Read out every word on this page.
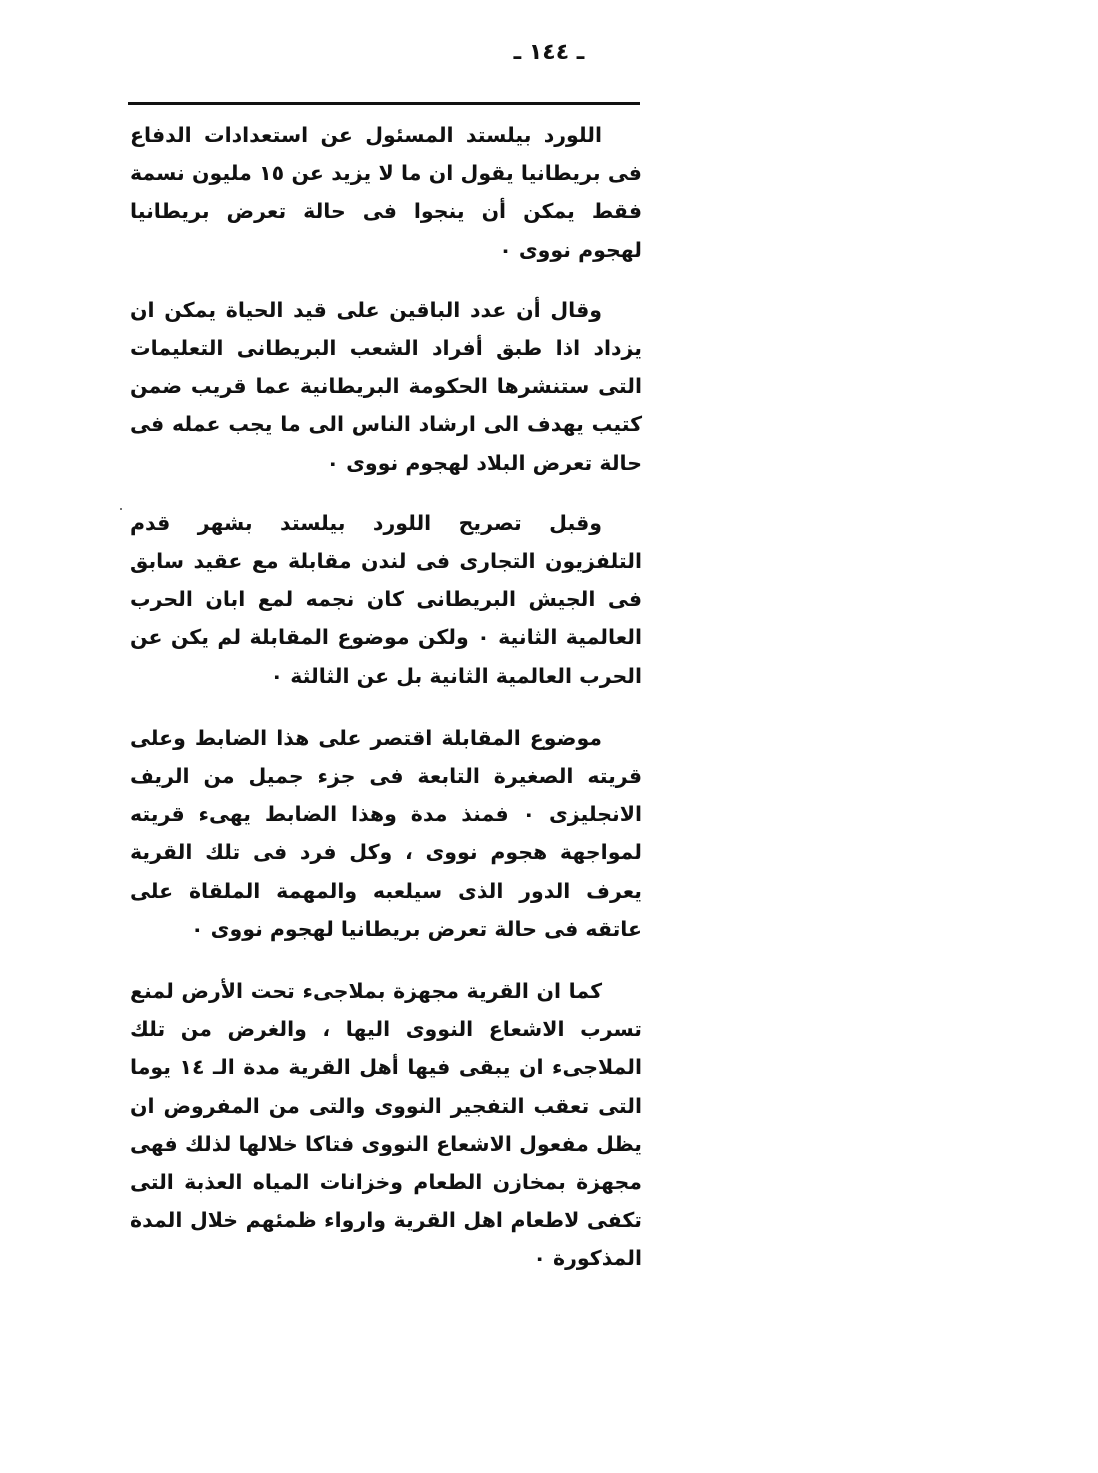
ـ ١٤٤ ـ

اللورد بيلستد المسئول عن استعدادات الدفاع فى بريطانيا يقول ان ما لا يزيد عن ١٥ مليون نسمة فقط يمكن أن ينجوا فى حالة تعرض بريطانيا لهجوم نووى ٠

وقال أن عدد الباقين على قيد الحياة يمكن ان يزداد اذا طبق أفراد الشعب البريطانى التعليمات التى ستنشرها الحكومة البريطانية عما قريب ضمن كتيب يهدف الى ارشاد الناس الى ما يجب عمله فى حالة تعرض البلاد لهجوم نووى ٠

وقبل تصريح اللورد بيلستد بشهر قدم التلفزيون التجارى فى لندن مقابلة مع عقيد سابق فى الجيش البريطانى كان نجمه لمع ابان الحرب العالمية الثانية ٠ ولكن موضوع المقابلة لم يكن عن الحرب العالمية الثانية بل عن الثالثة ٠

موضوع المقابلة اقتصر على هذا الضابط وعلى قريته الصغيرة التابعة فى جزء جميل من الريف الانجليزى ٠ فمنذ مدة وهذا الضابط يهىء قريته لمواجهة هجوم نووى ، وكل فرد فى تلك القرية يعرف الدور الذى سيلعبه والمهمة الملقاة على عاتقه فى حالة تعرض بريطانيا لهجوم نووى ٠

كما ان القرية مجهزة بملاجىء تحت الأرض لمنع تسرب الاشعاع النووى اليها ، والغرض من تلك الملاجىء ان يبقى فيها أهل القرية مدة الـ ١٤ يوما التى تعقب التفجير النووى والتى من المفروض ان يظل مفعول الاشعاع النووى فتاكا خلالها لذلك فهى مجهزة بمخازن الطعام وخزانات المياه العذبة التى تكفى لاطعام اهل القرية وارواء ظمئهم خلال المدة المذكورة ٠
